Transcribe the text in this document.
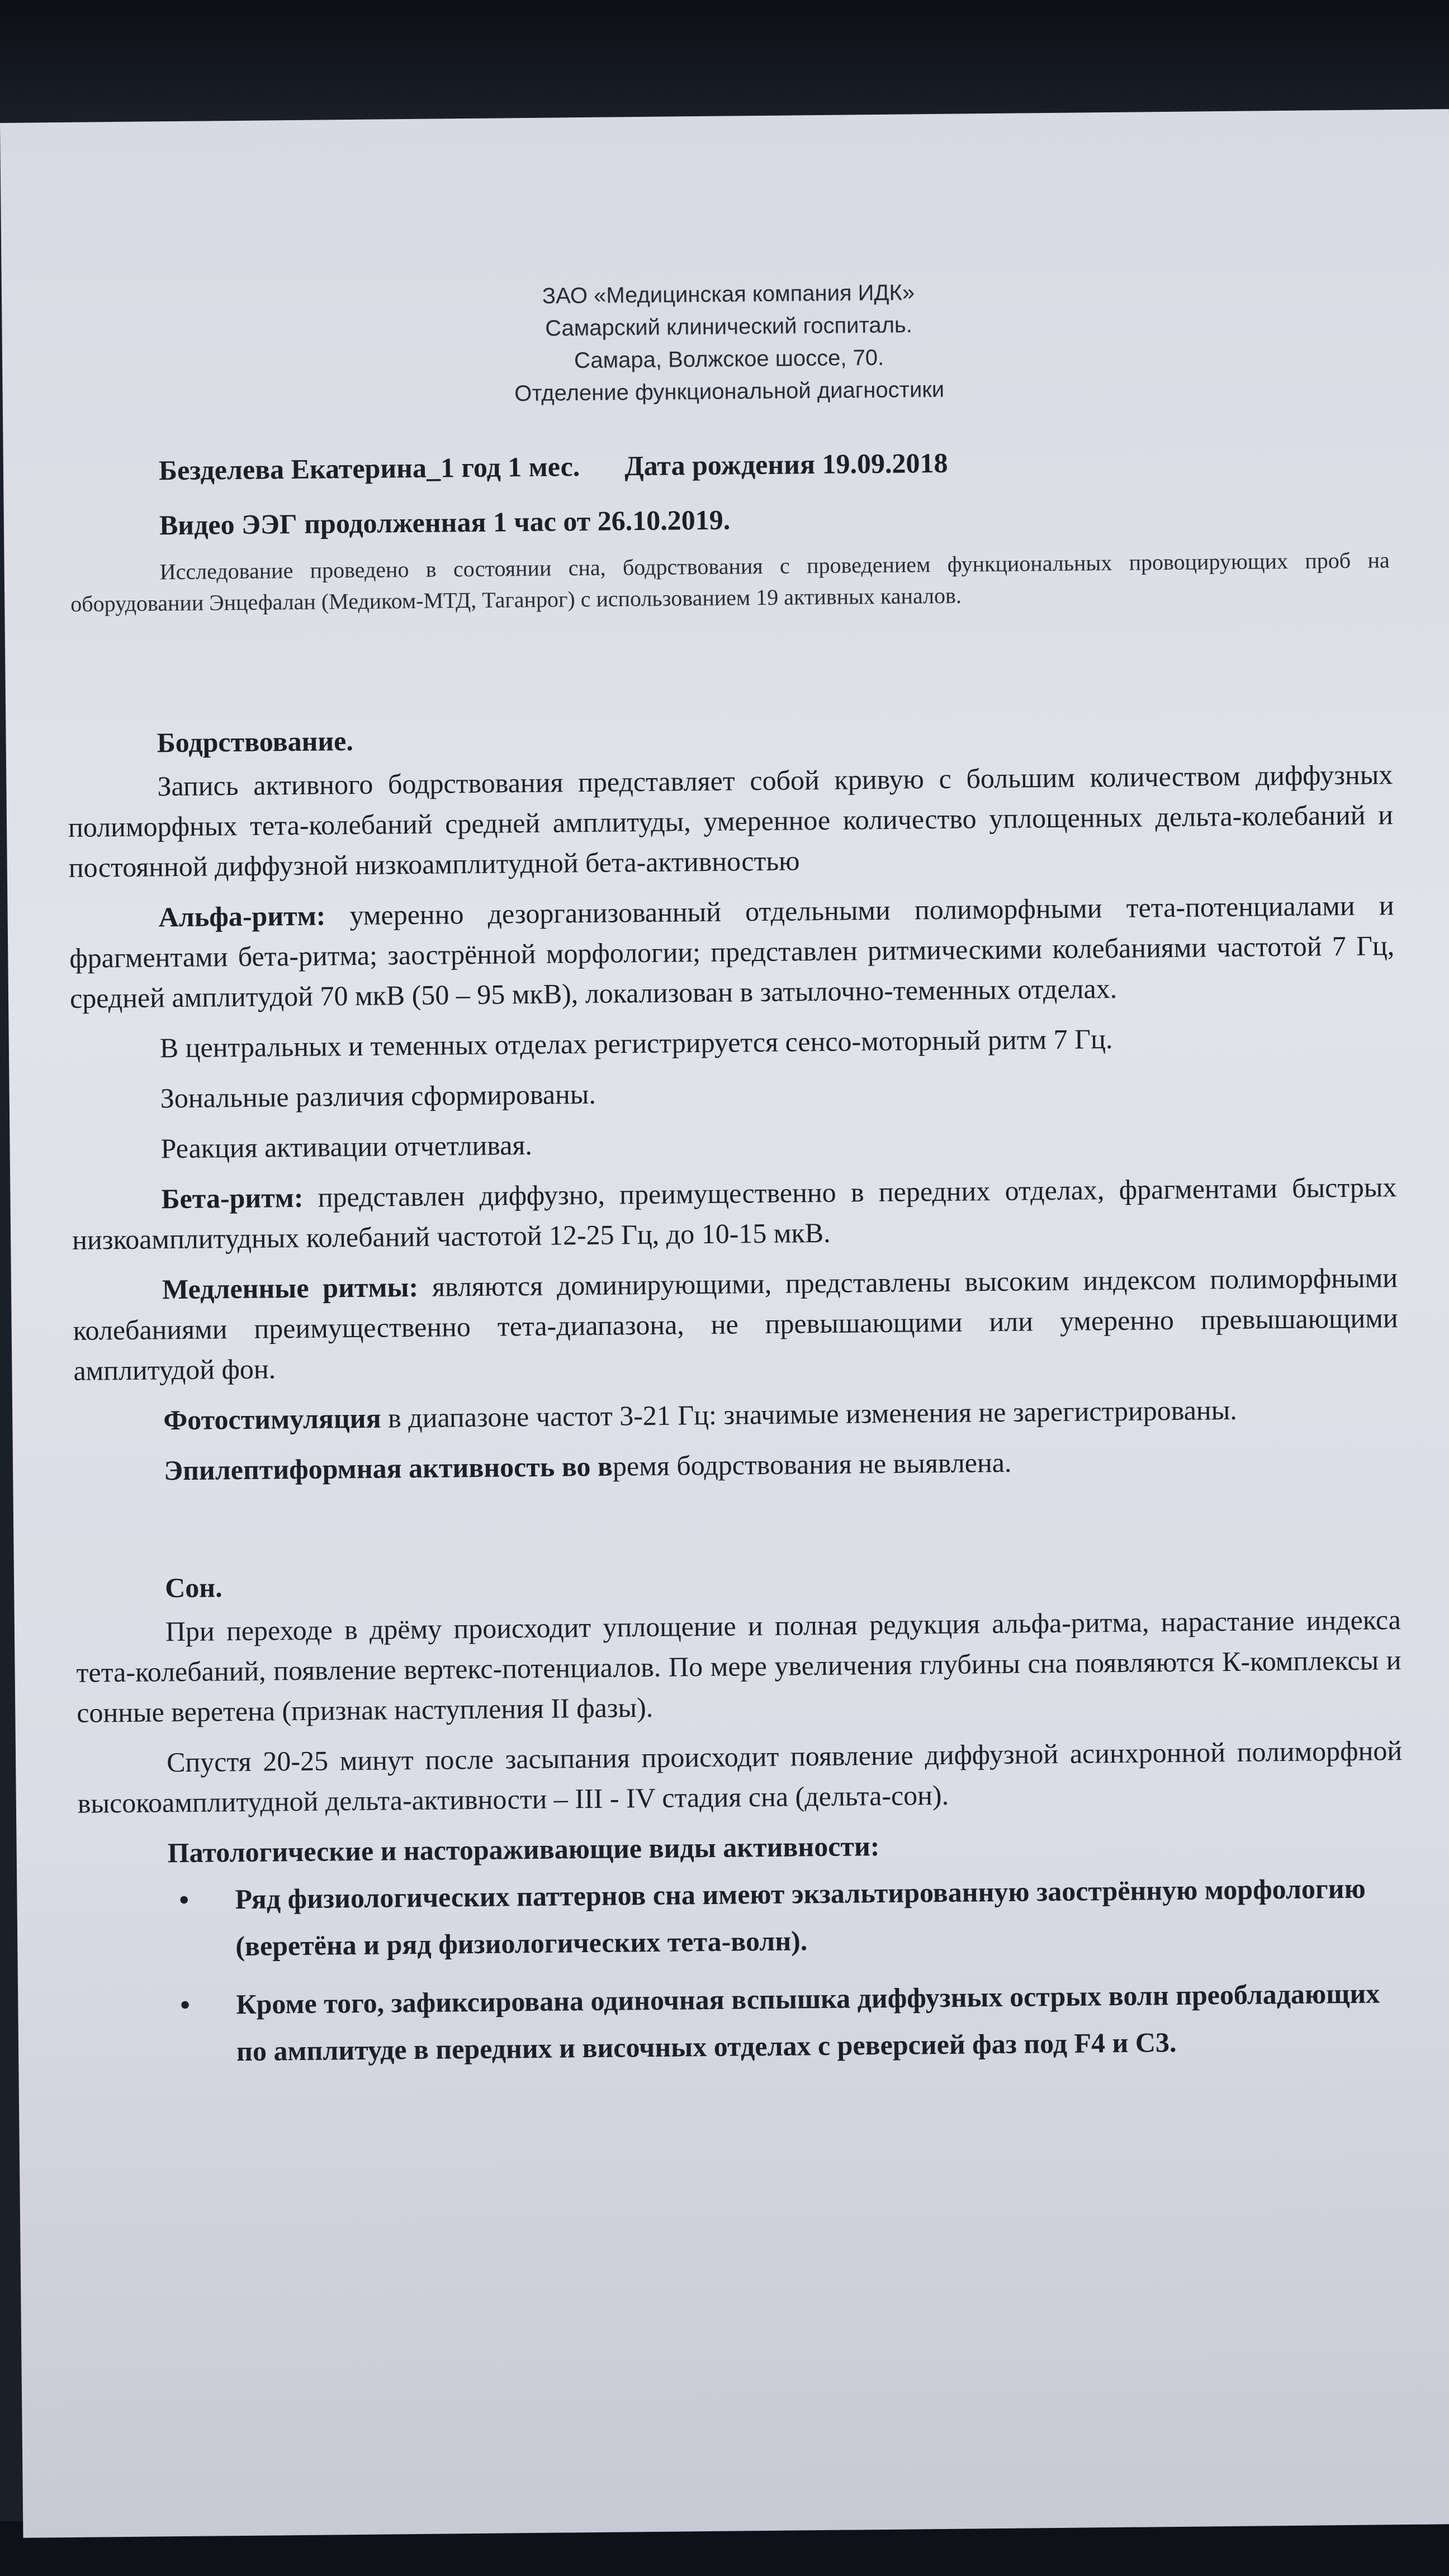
ЗАО «Медицинская компания ИДК»
Самарский клинический госпиталь.
Самара, Волжское шоссе, 70.
Отделение функциональной диагностики
Безделева Екатерина_1 год 1 мес. Дата рождения 19.09.2018
Видео ЭЭГ продолженная 1 час от 26.10.2019.
Исследование проведено в состоянии сна, бодрствования с проведением функциональных провоцирующих проб на оборудовании Энцефалан (Медиком-МТД, Таганрог) с использованием 19 активных каналов.
Бодрствование.

Запись активного бодрствования представляет собой кривую с большим количеством диффузных полиморфных тета-колебаний средней амплитуды, умеренное количество уплощенных дельта-колебаний и постоянной диффузной низкоамплитудной бета-активностью

Альфа-ритм: умеренно дезорганизованный отдельными полиморфными тета-потенциалами и фрагментами бета-ритма; заострённой морфологии; представлен ритмическими колебаниями частотой 7 Гц, средней амплитудой 70 мкВ (50 – 95 мкВ), локализован в затылочно-теменных отделах.

В центральных и теменных отделах регистрируется сенсо-моторный ритм 7 Гц.

Зональные различия сформированы.

Реакция активации отчетливая.

Бета-ритм: представлен диффузно, преимущественно в передних отделах, фрагментами быстрых низкоамплитудных колебаний частотой 12-25 Гц, до 10-15 мкВ.

Медленные ритмы: являются доминирующими, представлены высоким индексом полиморфными колебаниями преимущественно тета-диапазона, не превышающими или умеренно превышающими амплитудой фон.

Фотостимуляция в диапазоне частот 3-21 Гц: значимые изменения не зарегистрированы.

Эпилептиформная активность во время бодрствования не выявлена.

Сон.

При переходе в дрёму происходит уплощение и полная редукция альфа-ритма, нарастание индекса тета-колебаний, появление вертекс-потенциалов. По мере увеличения глубины сна появляются К-комплексы и сонные веретена (признак наступления II фазы).

Спустя 20-25 минут после засыпания происходит появление диффузной асинхронной полиморфной высокоамплитудной дельта-активности – III - IV стадия сна (дельта-сон).

Патологические и настораживающие виды активности:
• Ряд физиологических паттернов сна имеют экзальтированную заострённую морфологию (веретёна и ряд физиологических тета-волн).
• Кроме того, зафиксирована одиночная вспышка диффузных острых волн преобладающих по амплитуде в передних и височных отделах с реверсией фаз под F4 и C3.
